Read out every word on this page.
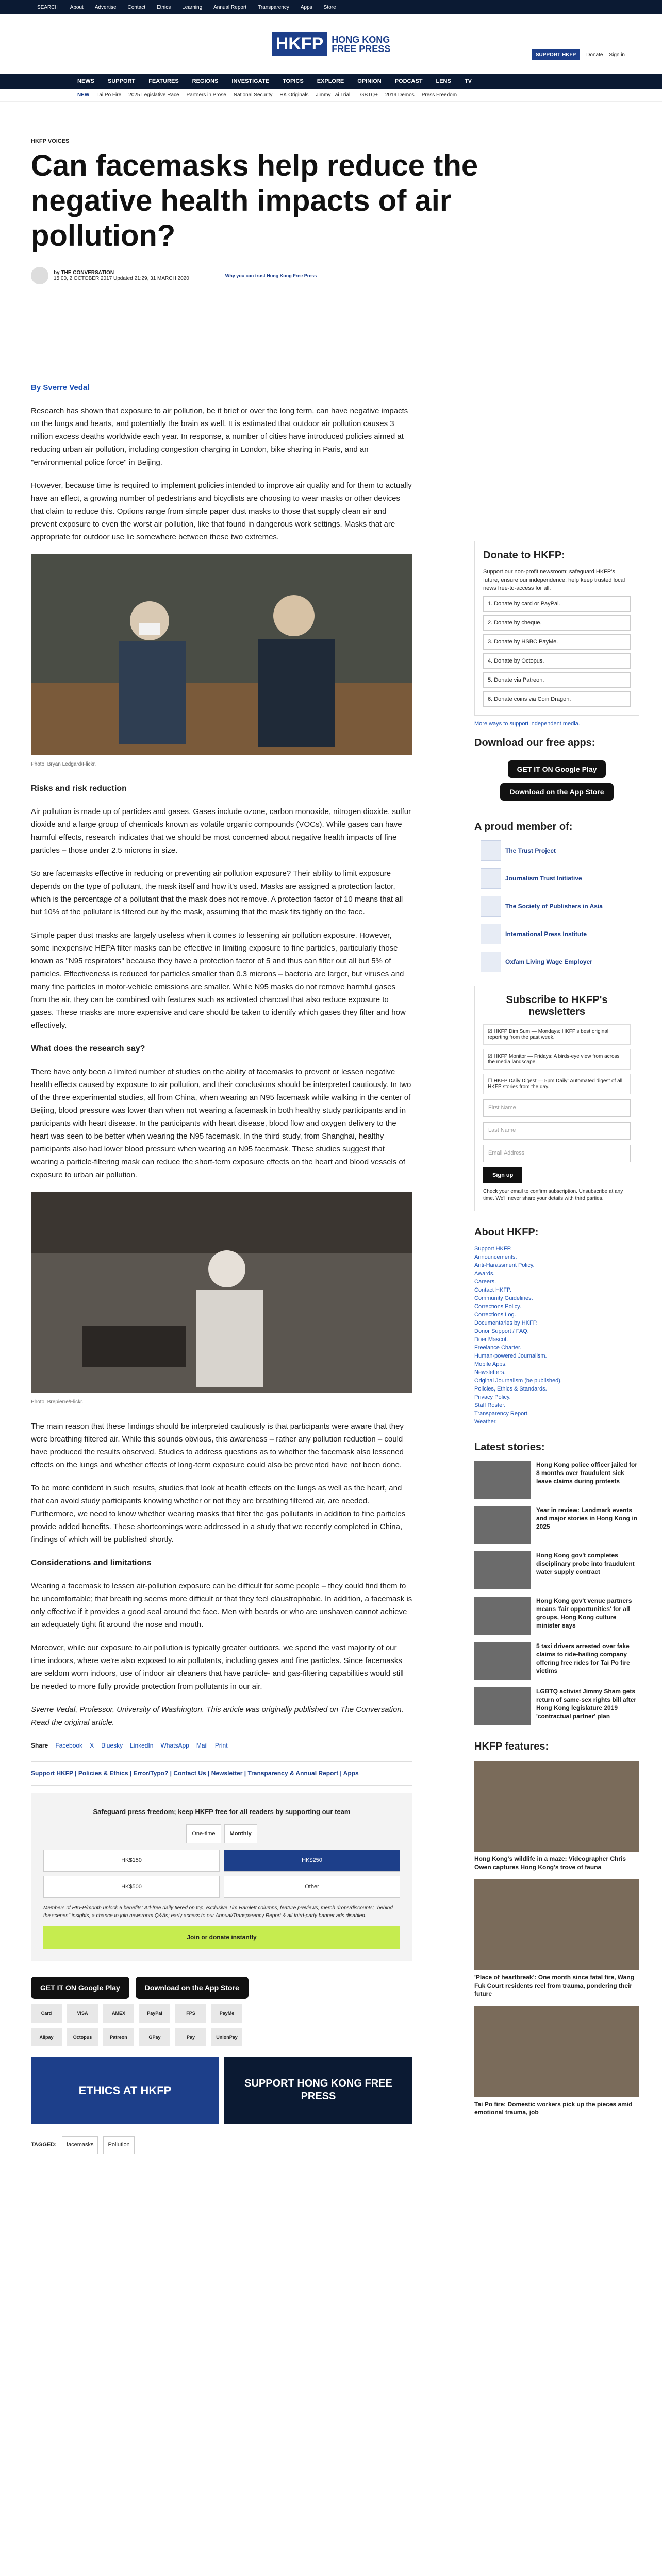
SEARCH About Advertise Contact Ethics Learning Annual Report Transparency Apps Store
HKFP HONG KONG
FREE PRESS
SUPPORT HKFP	Donate Sign in
NEWS SUPPORT FEATURES REGIONS INVESTIGATE TOPICS EXPLORE OPINION PODCAST LENS TV
NEW Tai Po Fire 2025 Legislative Race Partners in Prose National Security HK Originals Jimmy Lai Trial LGBTQ+ 2019 Demos Press Freedom
HKFP VOICES
Can facemasks help reduce the negative health impacts of air pollution?
by THE CONVERSATION
15:00, 2 OCTOBER 2017 Updated 21:29, 31 MARCH 2020	Why you can trust Hong Kong Free Press

By Sverre Vedal

Research has shown that exposure to air pollution, be it brief or over the long term, can have negative impacts on the lungs and hearts, and potentially the brain as well. It is estimated that outdoor air pollution causes 3 million excess deaths worldwide each year. In response, a number of cities have introduced policies aimed at reducing urban air pollution, including congestion charging in London, bike sharing in Paris, and an "environmental police force" in Beijing.

However, because time is required to implement policies intended to improve air quality and for them to actually have an effect, a growing number of pedestrians and bicyclists are choosing to wear masks or other devices that claim to reduce this. Options range from simple paper dust masks to those that supply clean air and prevent exposure to even the worst air pollution, like that found in dangerous work settings. Masks that are appropriate for outdoor use lie somewhere between these two extremes.

Photo: Bryan Ledgard/Flickr.
Risks and risk reduction

Air pollution is made up of particles and gases. Gases include ozone, carbon monoxide, nitrogen dioxide, sulfur dioxide and a large group of chemicals known as volatile organic compounds (VOCs). While gases can have harmful effects, research indicates that we should be most concerned about negative health impacts of fine particles – those under 2.5 microns in size.

So are facemasks effective in reducing or preventing air pollution exposure? Their ability to limit exposure depends on the type of pollutant, the mask itself and how it's used. Masks are assigned a protection factor, which is the percentage of a pollutant that the mask does not remove. A protection factor of 10 means that all but 10% of the pollutant is filtered out by the mask, assuming that the mask fits tightly on the face.

Simple paper dust masks are largely useless when it comes to lessening air pollution exposure. However, some inexpensive HEPA filter masks can be effective in limiting exposure to fine particles, particularly those known as "N95 respirators" because they have a protection factor of 5 and thus can filter out all but 5% of particles. Effectiveness is reduced for particles smaller than 0.3 microns – bacteria are larger, but viruses and many fine particles in motor-vehicle emissions are smaller. While N95 masks do not remove harmful gases from the air, they can be combined with features such as activated charcoal that also reduce exposure to gases. These masks are more expensive and care should be taken to identify which gases they filter and how effectively.

What does the research say?

There have only been a limited number of studies on the ability of facemasks to prevent or lessen negative health effects caused by exposure to air pollution, and their conclusions should be interpreted cautiously. In two of the three experimental studies, all from China, when wearing an N95 facemask while walking in the center of Beijing, blood pressure was lower than when not wearing a facemask in both healthy study participants and in participants with heart disease. In the participants with heart disease, blood flow and oxygen delivery to the heart was seen to be better when wearing the N95 facemask. In the third study, from Shanghai, healthy participants also had lower blood pressure when wearing an N95 facemask. These studies suggest that wearing a particle-filtering mask can reduce the short-term exposure effects on the heart and blood vessels of exposure to urban air pollution.

Photo: Brepierre/Flickr.

The main reason that these findings should be interpreted cautiously is that participants were aware that they were breathing filtered air. While this sounds obvious, this awareness – rather any pollution reduction – could have produced the results observed. Studies to address questions as to whether the facemask also lessened effects on the lungs and whether effects of long-term exposure could also be prevented have not been done.

To be more confident in such results, studies that look at health effects on the lungs as well as the heart, and that can avoid study participants knowing whether or not they are breathing filtered air, are needed. Furthermore, we need to know whether wearing masks that filter the gas pollutants in addition to fine particles provide added benefits. These shortcomings were addressed in a study that we recently completed in China, findings of which will be published shortly.

Considerations and limitations

Wearing a facemask to lessen air-pollution exposure can be difficult for some people – they could find them to be uncomfortable; that breathing seems more difficult or that they feel claustrophobic. In addition, a facemask is only effective if it provides a good seal around the face. Men with beards or who are unshaven cannot achieve an adequately tight fit around the nose and mouth.

Moreover, while our exposure to air pollution is typically greater outdoors, we spend the vast majority of our time indoors, where we're also exposed to air pollutants, including gases and fine particles. Since facemasks are seldom worn indoors, use of indoor air cleaners that have particle- and gas-filtering capabilities would still be needed to more fully provide protection from pollutants in our air.

Sverre Vedal, Professor, University of Washington. This article was originally published on The Conversation. Read the original article.

Share Facebook X Bluesky LinkedIn WhatsApp Mail Print
Support HKFP | Policies & Ethics | Error/Typo? | Contact Us | Newsletter | Transparency & Annual Report | Apps
Safeguard press freedom; keep HKFP free for all readers by supporting our team
One-time	Monthly
HK$150	HK$250
HK$500	Other

Members of HKFP/month unlock 6 benefits: Ad-free daily tiered on top, exclusive Tim Hamlett columns; feature previews; merch drops/discounts; "behind the scenes" insights; a chance to join newsroom Q&As; early access to our Annual/Transparency Report & all third-party banner ads disabled.

Join or donate instantly
GET IT ON Google Play	Download on the App Store
Card	VISA	AMEX	PayPal	FPS	PayMe
Alipay	Octopus	Patreon	GPay	Pay	UnionPay
ETHICS AT HKFP
SUPPORT HONG KONG FREE PRESS
TAGGED:	facemasks	Pollution
Donate to HKFP:

Support our non-profit newsroom: safeguard HKFP's future, ensure our independence, help keep trusted local news free-to-access for all.

1. Donate by card or PayPal.
2. Donate by cheque.
3. Donate by HSBC PayMe.
4. Donate by Octopus.
5. Donate via Patreon.
6. Donate coins via Coin Dragon.

More ways to support independent media.

Download our free apps:
GET IT ON Google Play
Download on the App Store
A proud member of:
The Trust Project
Journalism Trust Initiative
The Society of Publishers in Asia
International Press Institute
Oxfam Living Wage Employer
Subscribe to HKFP's newsletters
☑ HKFP Dim Sum — Mondays: HKFP's best original reporting from the past week.
☑ HKFP Monitor — Fridays: A birds-eye view from across the media landscape.
☐ HKFP Daily Digest — 5pm Daily: Automated digest of all HKFP stories from the day.
First Name
Last Name
Email Address
Sign up

Check your email to confirm subscription. Unsubscribe at any time. We'll never share your details with third parties.

About HKFP:
Support HKFP.
Announcements.
Anti-Harassment Policy.
Awards.
Careers.
Contact HKFP.
Community Guidelines.
Corrections Policy.
Corrections Log.
Documentaries by HKFP.
Donor Support / FAQ.
Doer Mascot.
Freelance Charter.
Human-powered Journalism.
Mobile Apps.
Newsletters.
Original Journalism (be published).
Policies, Ethics & Standards.
Privacy Policy.
Staff Roster.
Transparency Report.
Weather.
Latest stories:
Hong Kong police officer jailed for 8 months over fraudulent sick leave claims during protests
Year in review: Landmark events and major stories in Hong Kong in 2025
Hong Kong gov't completes disciplinary probe into fraudulent water supply contract
Hong Kong gov't venue partners means 'fair opportunities' for all groups, Hong Kong culture minister says
5 taxi drivers arrested over fake claims to ride-hailing company offering free rides for Tai Po fire victims
LGBTQ activist Jimmy Sham gets return of same-sex rights bill after Hong Kong legislature 2019 'contractual partner' plan
HKFP features:
Hong Kong's wildlife in a maze: Videographer Chris Owen captures Hong Kong's trove of fauna
'Place of heartbreak': One month since fatal fire, Wang Fuk Court residents reel from trauma, pondering their future
Tai Po fire: Domestic workers pick up the pieces amid emotional trauma, job
